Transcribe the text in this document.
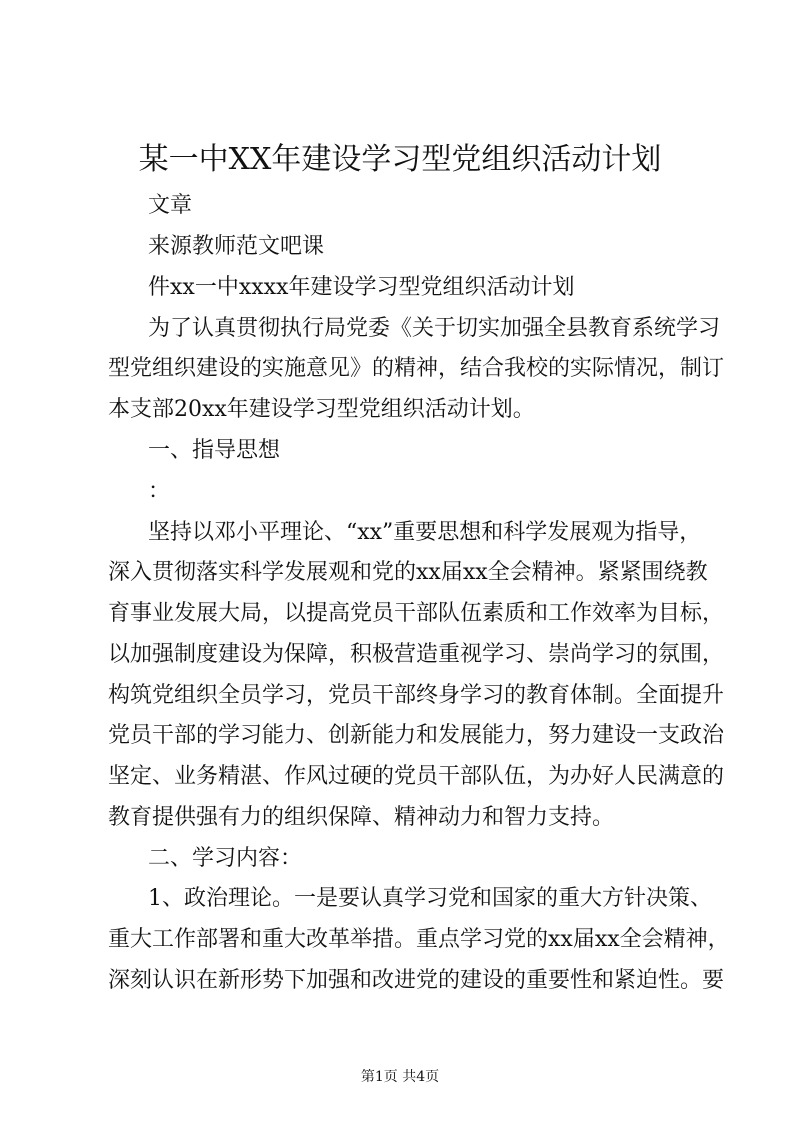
某一中XX年建设学习型党组织活动计划
文章
来源教师范文吧课
件xx一中xxxx年建设学习型党组织活动计划
为了认真贯彻执行局党委《关于切实加强全县教育系统学习
型党组织建设的实施意见》的精神，结合我校的实际情况，制订
本支部20xx年建设学习型党组织活动计划。
一、指导思想
：
坚持以邓小平理论、“xx”重要思想和科学发展观为指导，
深入贯彻落实科学发展观和党的xx届xx全会精神。紧紧围绕教
育事业发展大局，以提高党员干部队伍素质和工作效率为目标，
以加强制度建设为保障，积极营造重视学习、崇尚学习的氛围，
构筑党组织全员学习，党员干部终身学习的教育体制。全面提升
党员干部的学习能力、创新能力和发展能力，努力建设一支政治
坚定、业务精湛、作风过硬的党员干部队伍，为办好人民满意的
教育提供强有力的组织保障、精神动力和智力支持。
二、学习内容：
1、政治理论。一是要认真学习党和国家的重大方针决策、
重大工作部署和重大改革举措。重点学习党的xx届xx全会精神，
深刻认识在新形势下加强和改进党的建设的重要性和紧迫性。要
第1页 共4页
